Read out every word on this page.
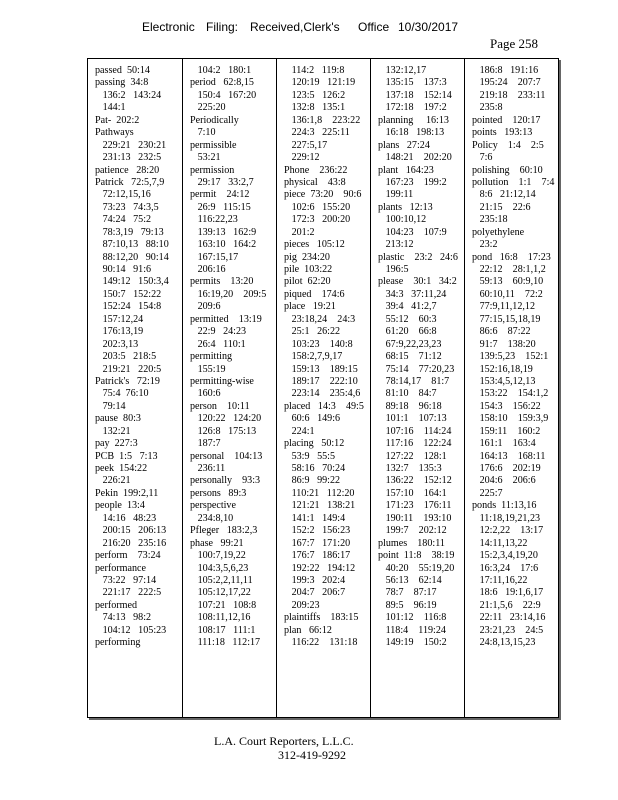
Electronic Filing: Received,Clerk's Office 10/30/2017
Page 258
passed  50:14
passing  34:8
136:2   143:24
144:1
Pat-  202:2
Pathways
229:21   230:21
231:13   232:5
patience   28:20
Patrick   72:5,7,9
72:12,15,16
73:23   74:3,5
74:24   75:2
78:3,19   79:13
87:10,13   88:10
88:12,20   90:14
90:14   91:6
149:12   150:3,4
150:7   152:22
152:24   154:8
157:12,24
176:13,19
202:3,13
203:5   218:5
219:21   220:5
Patrick's   72:19
75:4  76:10
79:14
pause  80:3
132:21
pay  227:3
PCB  1:5   7:13
peek  154:22
226:21
Pekin  199:2,11
people  13:4
14:16   48:23
200:15   206:13
216:20   235:16
perform    73:24
performance
73:22   97:14
221:17   222:5
performed
74:13   98:2
104:12   105:23
performing
104:2   180:1
period   62:8,15
150:4   167:20
225:20
Periodically
7:10
permissible
53:21
permission
29:17   33:2,7
permit    24:12
26:9   115:15
116:22,23
139:13   162:9
163:10   164:2
167:15,17
206:16
permits    13:20
16:19,20    209:5
209:6
permitted    13:19
22:9   24:23
26:4   110:1
permitting
155:19
permitting-wise
160:6
person    10:11
120:22   124:20
126:8   175:13
187:7
personal    104:13
236:11
personally    93:3
persons   89:3
perspective
234:8,10
Pfleger   183:2,3
phase   99:21
100:7,19,22
104:3,5,6,23
105:2,2,11,11
105:12,17,22
107:21   108:8
108:11,12,16
108:17   111:1
111:18   112:17
114:2   119:8
120:19   121:19
123:5   126:2
132:8   135:1
136:1,8    223:22
224:3   225:11
227:5,17
229:12
Phone    236:22
physical    43:8
piece  73:20    90:6
102:6   155:20
172:3   200:20
201:2
pieces   105:12
pig  234:20
pile  103:22
pilot  62:20
piqued    174:6
place   19:21
23:18,24    24:3
25:1   26:22
103:23    140:8
158:2,7,9,17
159:13    189:15
189:17    222:10
223:14    235:4,6
placed   14:3    49:5
60:6   149:6
224:1
placing   50:12
53:9   55:5
58:16   70:24
86:9   99:22
110:21   112:20
121:21   138:21
141:1   149:4
152:2   156:23
167:7   171:20
176:7   186:17
192:22   194:12
199:3   202:4
204:7   206:7
209:23
plaintiffs    183:15
plan   66:12
116:22    131:18
132:12,17
135:15    137:3
137:18    152:14
172:18    197:2
planning     16:13
16:18   198:13
plans   27:24
148:21    202:20
plant   164:23
167:23    199:2
199:11
plants   12:13
100:10,12
104:23    107:9
213:12
plastic    23:2   24:6
196:5
please    30:1   34:2
34:3   37:11,24
39:4   41:2,7
55:12    60:3
61:20    66:8
67:9,22,23,23
68:15    71:12
75:14    77:20,23
78:14,17    81:7
81:10    84:7
89:18    96:18
101:1    107:13
107:16    114:24
117:16    122:24
127:22    128:1
132:7    135:3
136:22    152:12
157:10    164:1
171:23    176:11
190:11    193:10
199:7    202:12
plumes    180:11
point  11:8    38:19
40:20    55:19,20
56:13    62:14
78:7    87:17
89:5    96:19
101:12    116:8
118:4    119:24
149:19    150:2
186:8   191:16
195:24    207:7
219:18    233:11
235:8
pointed    120:17
points   193:13
Policy    1:4    2:5
7:6
polishing    60:10
pollution    1:1    7:4
8:6   21:12,14
21:15    22:6
235:18
polyethylene
23:2
pond   16:8    17:23
22:12    28:1,1,2
59:13    60:9,10
60:10,11    72:2
77:9,11,12,12
77:15,15,18,19
86:6    87:22
91:7    138:20
139:5,23    152:1
152:16,18,19
153:4,5,12,13
153:22    154:1,2
154:3    156:22
158:10    159:3,9
159:11    160:2
161:1    163:4
164:13    168:11
176:6    202:19
204:6    206:6
225:7
ponds  11:13,16
11:18,19,21,23
12:2,22    13:17
14:11,13,22
15:2,3,4,19,20
16:3,24    17:6
17:11,16,22
18:6   19:1,6,17
21:1,5,6    22:9
22:11   23:14,16
23:21,23    24:5
24:8,13,15,23
L.A. Court Reporters, L.L.C.
312-419-9292
